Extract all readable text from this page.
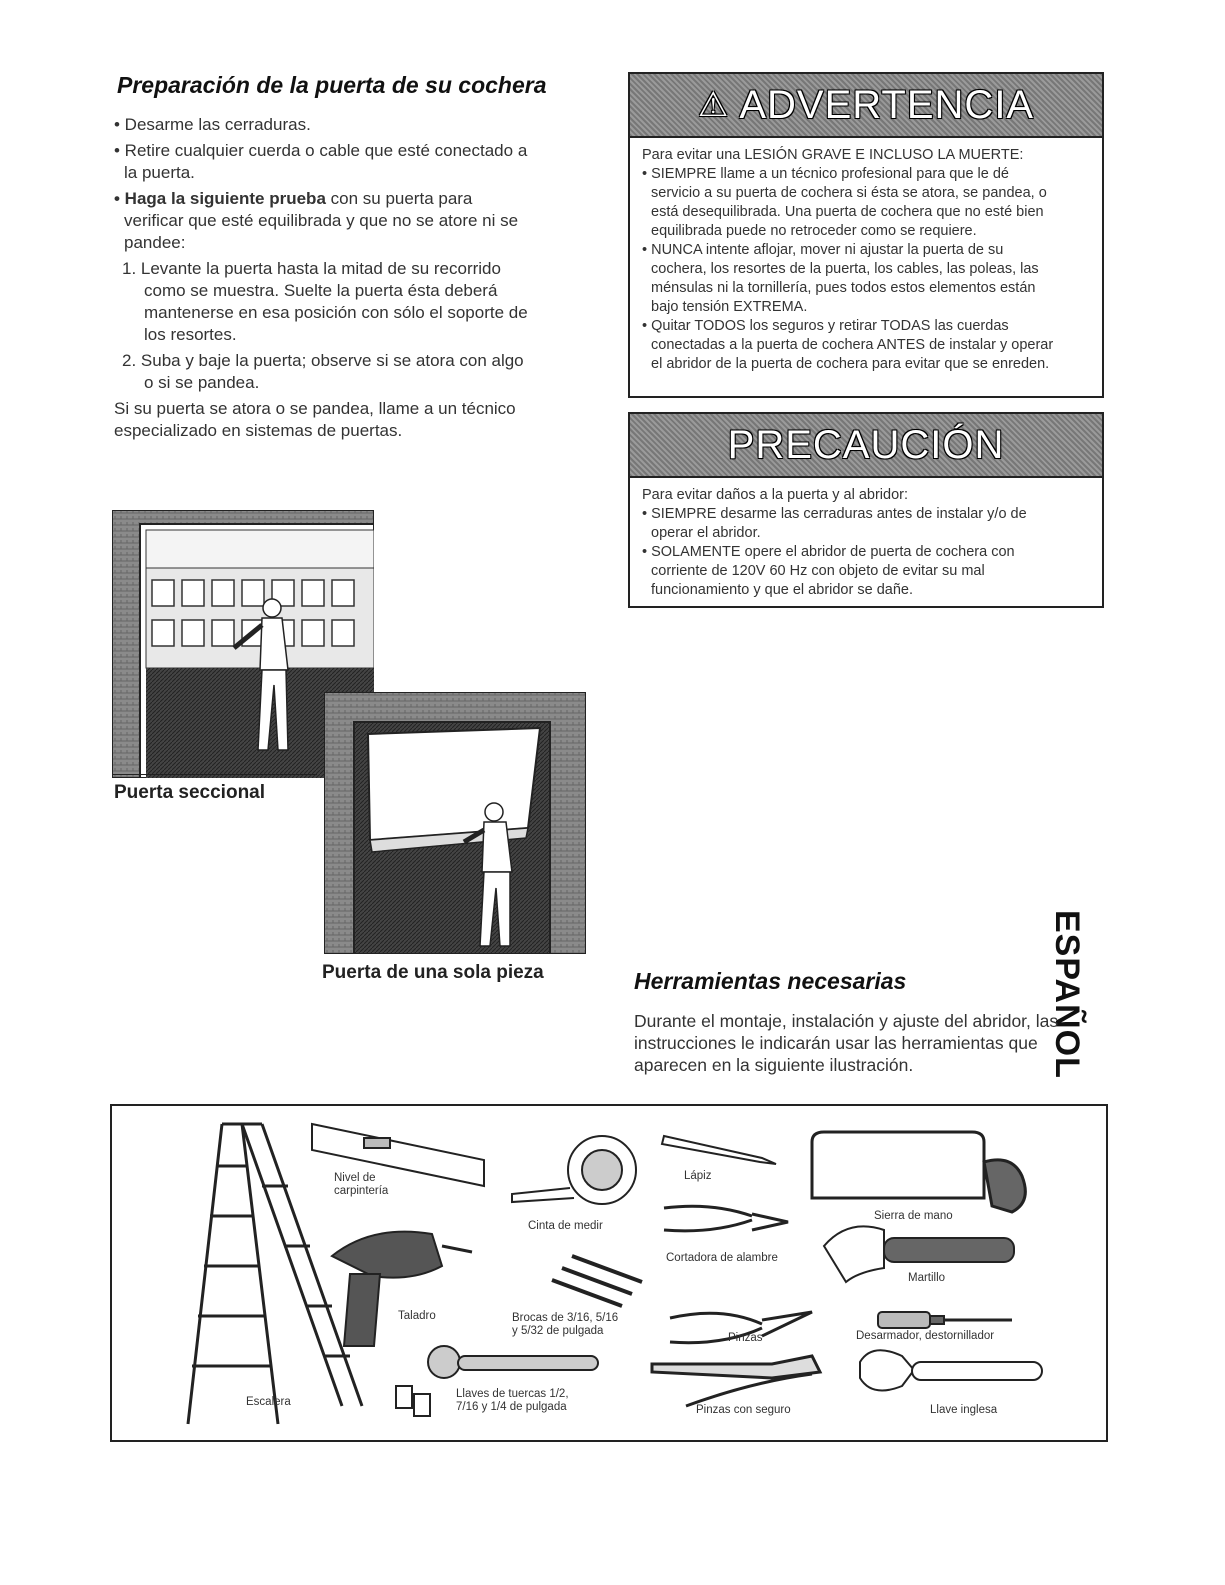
Preparación de la puerta de su cochera
• Desarme las cerraduras.
• Retire cualquier cuerda o cable que esté conectado a
la puerta.
• Haga la siguiente prueba con su puerta para
verificar que esté equilibrada y que no se atore ni se
pandee:
1. Levante la puerta hasta la mitad de su recorrido
como se muestra. Suelte la puerta ésta deberá
mantenerse en esa posición con sólo el soporte de
los resortes.
2. Suba y baje la puerta; observe si se atora con algo
o si se pandea.
Si su puerta se atora o se pandea, llame a un técnico
especializado en sistemas de puertas.
Puerta seccional
Puerta de una sola pieza
⚠ ADVERTENCIA

Para evitar una LESIÓN GRAVE E INCLUSO LA MUERTE:

• SIEMPRE llame a un técnico profesional para que le dé

servicio a su puerta de cochera si ésta se atora, se pandea, o

está desequilibrada. Una puerta de cochera que no esté bien

equilibrada puede no retroceder como se requiere.

• NUNCA intente aflojar, mover ni ajustar la puerta de su

cochera, los resortes de la puerta, los cables, las poleas, las

ménsulas ni la tornillería, pues todos estos elementos están

bajo tensión EXTREMA.

• Quitar TODOS los seguros y retirar TODAS las cuerdas

conectadas a la puerta de cochera ANTES de instalar y operar

el abridor de la puerta de cochera para evitar que se enreden.

PRECAUCIÓN

Para evitar daños a la puerta y al abridor:

• SIEMPRE desarme las cerraduras antes de instalar y/o de

operar el abridor.

• SOLAMENTE opere el abridor de puerta de cochera con

corriente de 120V 60 Hz con objeto de evitar su mal

funcionamiento y que el abridor se dañe.

ESPAÑOL
Herramientas necesarias
Durante el montaje, instalación y ajuste del abridor, las
instrucciones le indicarán usar las herramientas que
aparecen en la siguiente ilustración.
Nivel de
carpintería
Cinta de medir
Lápiz
Sierra de mano
Cortadora de alambre
Martillo
Taladro	Brocas de 3/16, 5/16
y 5/32 de pulgada
Pinzas	Desarmador, destornillador
Escalera
Llaves de tuercas 1/2,
7/16 y 1/4 de pulgada	Pinzas con seguro	Llave inglesa
